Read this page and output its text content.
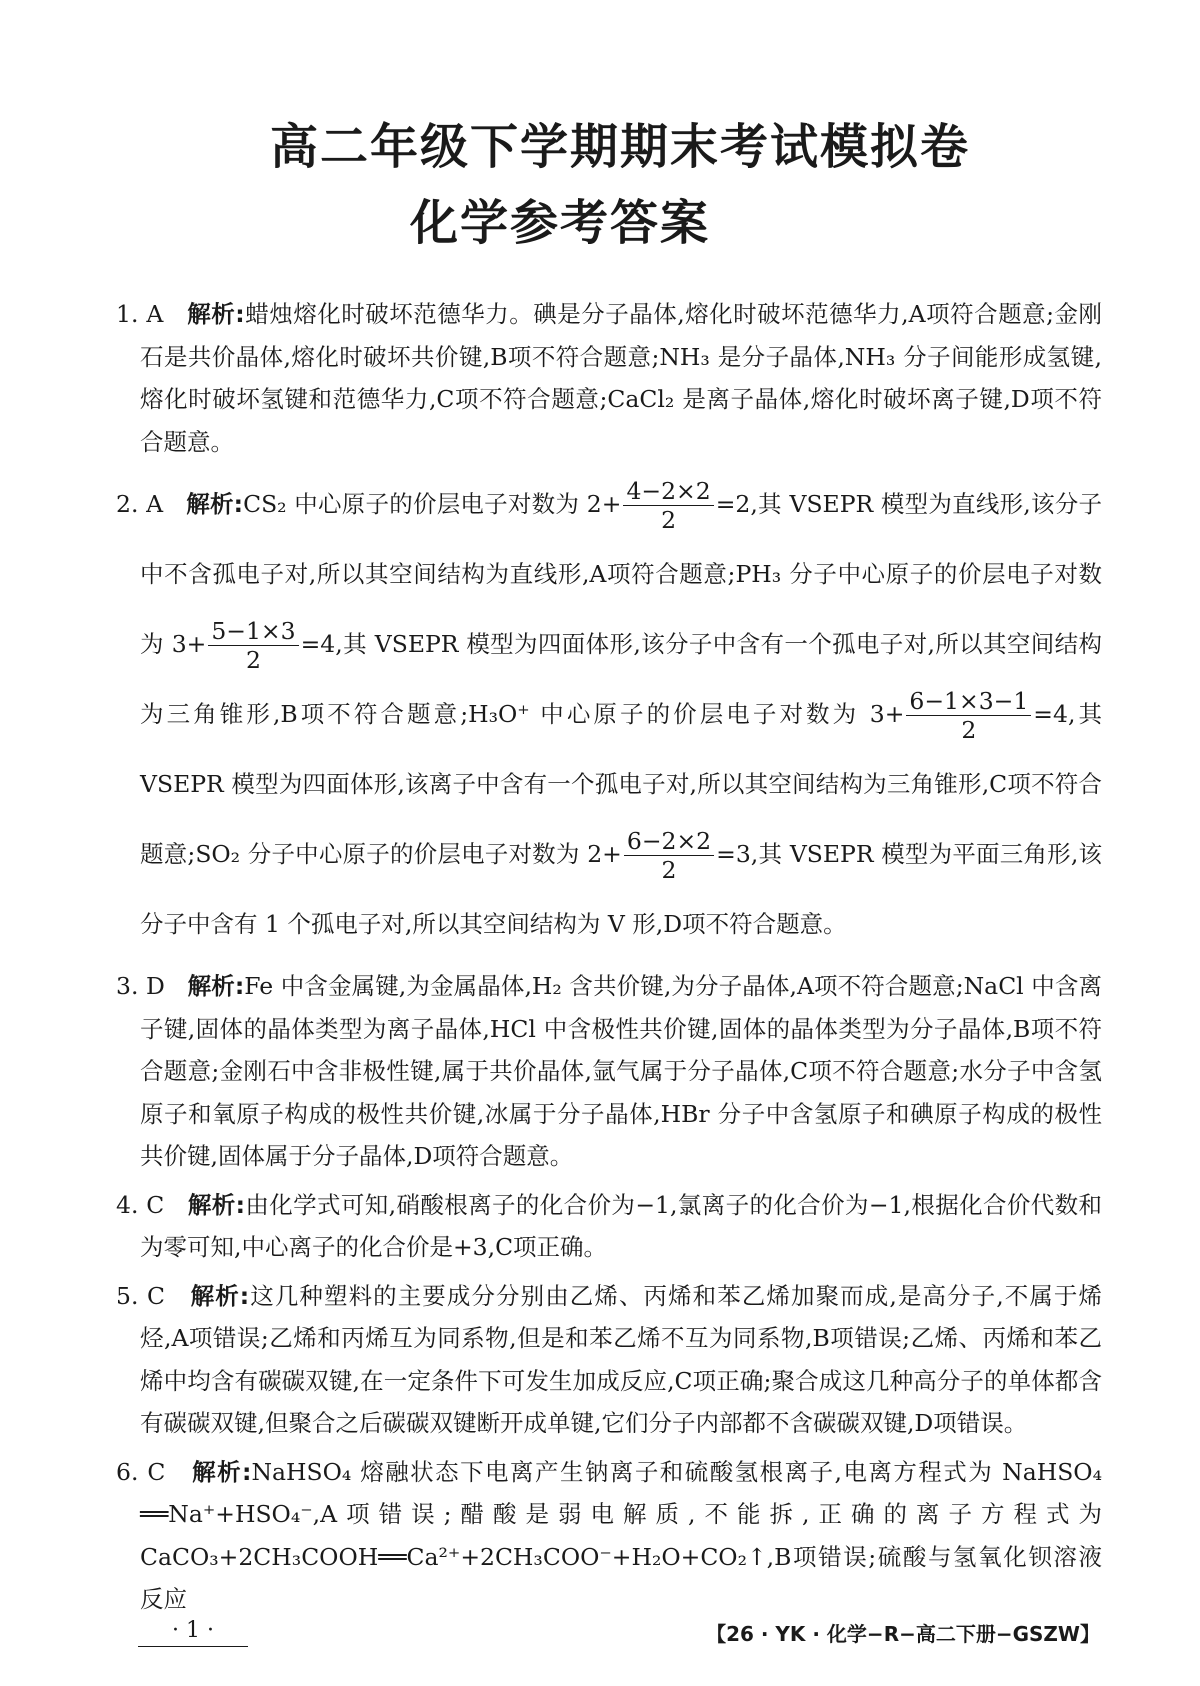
高二年级下学期期末考试模拟卷
化学参考答案

1. A 解析:蜡烛熔化时破坏范德华力。碘是分子晶体,熔化时破坏范德华力,A项符合题意;金刚石是共价晶体,熔化时破坏共价键,B项不符合题意;NH₃ 是分子晶体,NH₃ 分子间能形成氢键,熔化时破坏氢键和范德华力,C项不符合题意;CaCl₂ 是离子晶体,熔化时破坏离子键,D项不符合题意。

2. A 解析:CS₂ 中心原子的价层电子对数为 $2+ \frac{4-2\times 2}{2} =2$,其 VSEPR 模型为直线形,该分子中不含孤电子对,所以其空间结构为直线形,A项符合题意;PH₃ 分子中心原子的价层电子对数为 $3+ \frac{5-1\times 3}{2} =4$,其 VSEPR 模型为四面体形,该分子中含有一个孤电子对,所以其空间结构为三角锥形,B项不符合题意;H₃O⁺ 中心原子的价层电子对数为 $3+ \frac{6-1\times 3-1}{2} =4$,其 VSEPR 模型为四面体形,该离子中含有一个孤电子对,所以其空间结构为三角锥形,C项不符合题意;SO₂ 分子中心原子的价层电子对数为 $2+ \frac{6-2\times 2}{2} =3$,其 VSEPR 模型为平面三角形,该分子中含有 1 个孤电子对,所以其空间结构为 V 形,D项不符合题意。

3. D 解析:Fe 中含金属键,为金属晶体,H₂ 含共价键,为分子晶体,A项不符合题意;NaCl 中含离子键,固体的晶体类型为离子晶体,HCl 中含极性共价键,固体的晶体类型为分子晶体,B项不符合题意;金刚石中含非极性键,属于共价晶体,氩气属于分子晶体,C项不符合题意;水分子中含氢原子和氧原子构成的极性共价键,冰属于分子晶体,HBr 分子中含氢原子和碘原子构成的极性共价键,固体属于分子晶体,D项符合题意。

4. C 解析:由化学式可知,硝酸根离子的化合价为−1,氯离子的化合价为−1,根据化合价代数和为零可知,中心离子的化合价是+3,C项正确。

5. C 解析:这几种塑料的主要成分分别由乙烯、丙烯和苯乙烯加聚而成,是高分子,不属于烯烃,A项错误;乙烯和丙烯互为同系物,但是和苯乙烯不互为同系物,B项错误;乙烯、丙烯和苯乙烯中均含有碳碳双键,在一定条件下可发生加成反应,C项正确;聚合成这几种高分子的单体都含有碳碳双键,但聚合之后碳碳双键断开成单键,它们分子内部都不含碳碳双键,D项错误。

6. C 解析:NaHSO₄ 熔融状态下电离产生钠离子和硫酸氢根离子,电离方程式为 NaHSO₄ ══Na⁺+HSO₄⁻,A项错误;醋酸是弱电解质,不能拆,正确的离子方程式为 CaCO₃+2CH₃COOH══Ca²⁺+2CH₃COO⁻+H₂O+CO₂↑,B项错误;硫酸与氢氧化钡溶液反应

· 1 ·	【26 · YK · 化学−R−高二下册−GSZW】
